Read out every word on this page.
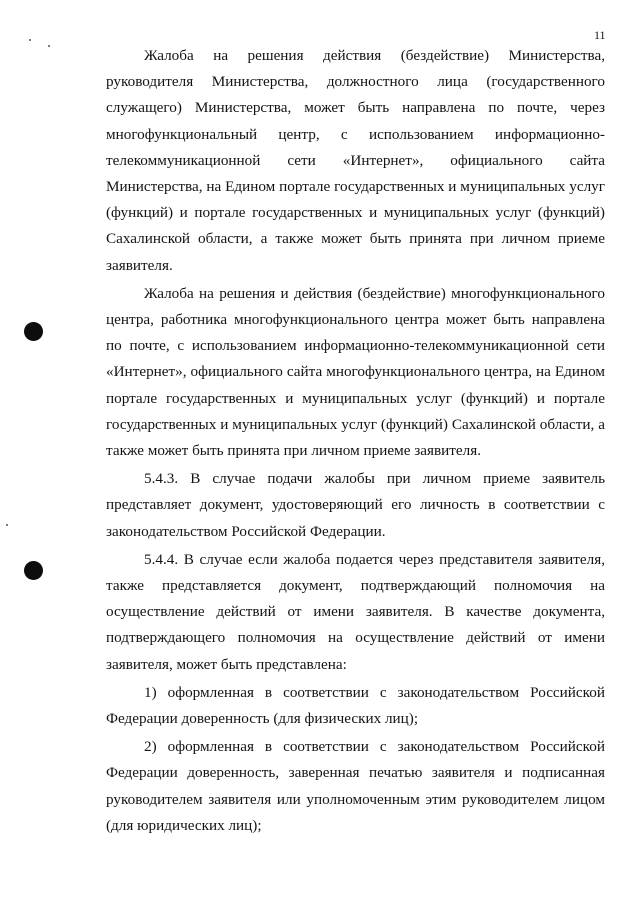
11

Жалоба на решения действия (бездействие) Министерства, руководителя Министерства, должностного лица (государственного служащего) Министерства, может быть направлена по почте, через многофункциональный центр, с использованием информационно-телекоммуникационной сети «Интернет», официального сайта Министерства, на Едином портале государственных и муниципальных услуг (функций) и портале государственных и муниципальных услуг (функций) Сахалинской области, а также может быть принята при личном приеме заявителя.

Жалоба на решения и действия (бездействие) многофункционального центра, работника многофункционального центра может быть направлена по почте, с использованием информационно-телекоммуникационной сети «Интернет», официального сайта многофункционального центра, на Едином портале государственных и муниципальных услуг (функций) и портале государственных и муниципальных услуг (функций) Сахалинской области, а также может быть принята при личном приеме заявителя.

5.4.3. В случае подачи жалобы при личном приеме заявитель представляет документ, удостоверяющий его личность в соответствии с законодательством Российской Федерации.

5.4.4. В случае если жалоба подается через представителя заявителя, также представляется документ, подтверждающий полномочия на осуществление действий от имени заявителя. В качестве документа, подтверждающего полномочия на осуществление действий от имени заявителя, может быть представлена:

1) оформленная в соответствии с законодательством Российской Федерации доверенность (для физических лиц);

2) оформленная в соответствии с законодательством Российской Федерации доверенность, заверенная печатью заявителя и подписанная руководителем заявителя или уполномоченным этим руководителем лицом (для юридических лиц);
